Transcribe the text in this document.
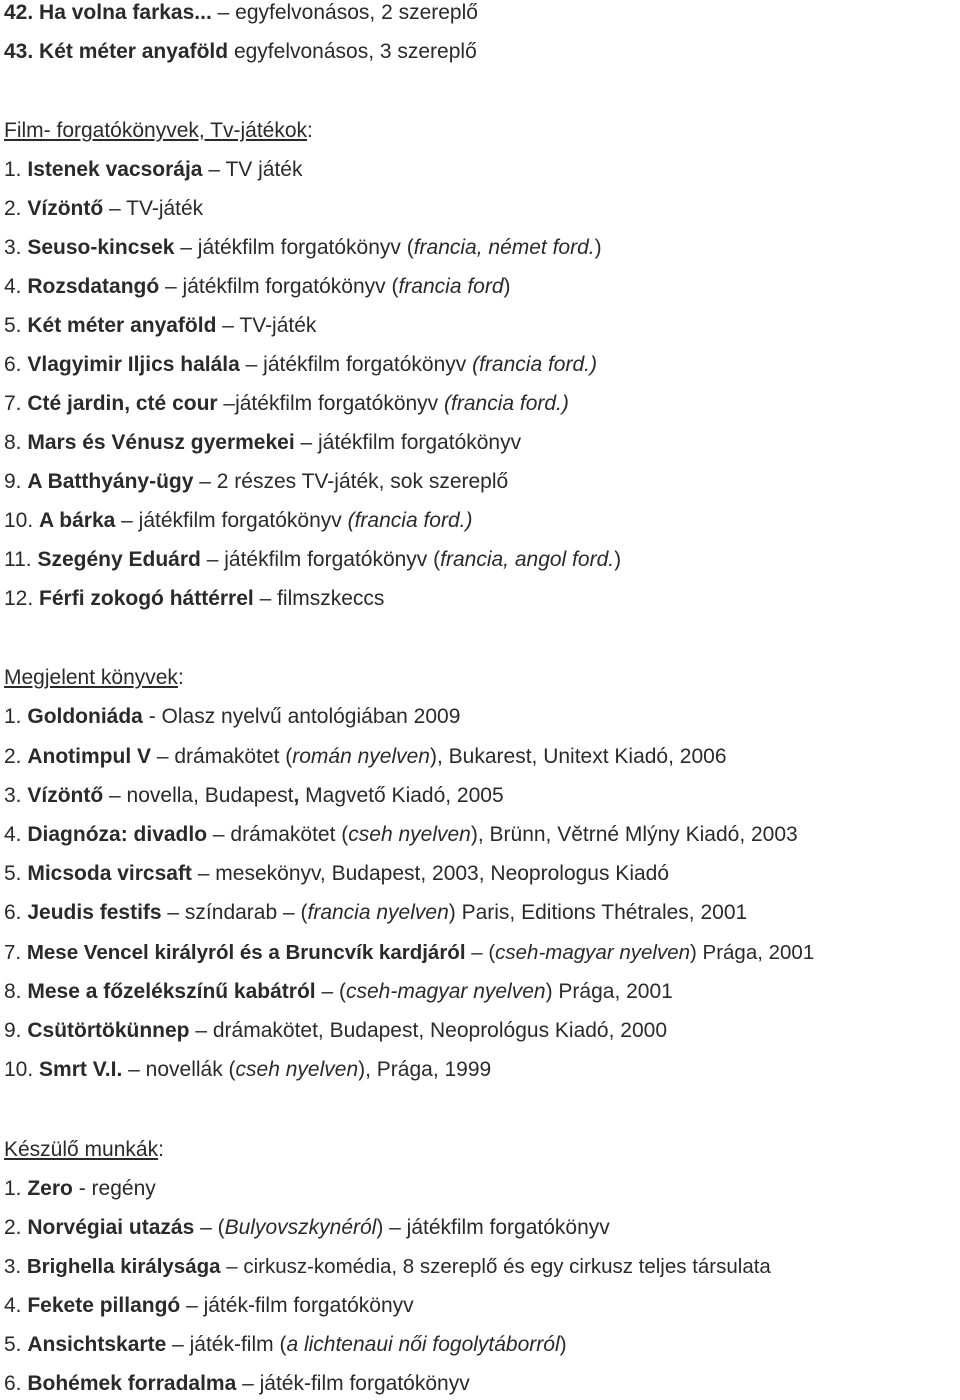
42. Ha volna farkas... – egyfelvonásos, 2 szereplő
43. Két méter anyaföld egyfelvonásos, 3 szereplő
Film- forgatókönyvek, Tv-játékok:
1. Istenek vacsorája – TV játék
2. Vízöntő – TV-játék
3. Seuso-kincsek – játékfilm forgatókönyv (francia, német ford.)
4. Rozsdatangó – játékfilm forgatókönyv (francia ford)
5. Két méter anyaföld – TV-játék
6. Vlagyimir Iljics halála – játékfilm forgatókönyv (francia ford.)
7. Cté jardin, cté cour –játékfilm forgatókönyv (francia ford.)
8. Mars és Vénusz gyermekei – játékfilm forgatókönyv
9. A Batthyány-ügy – 2 részes TV-játék, sok szereplő
10. A bárka – játékfilm forgatókönyv (francia ford.)
11. Szegény Eduárd – játékfilm forgatókönyv (francia, angol ford.)
12. Férfi zokogó háttérrel – filmszkeccs
Megjelent könyvek:
1. Goldoniáda - Olasz nyelvű antológiában 2009
2. Anotimpul V – drámakötet (román nyelven), Bukarest, Unitext Kiadó, 2006
3. Vízöntő – novella, Budapest, Magvető Kiadó, 2005
4. Diagnóza: divadlo – drámakötet (cseh nyelven), Brünn, Větrné Mlýny Kiadó, 2003
5. Micsoda vircsaft – mesekönyv, Budapest, 2003, Neoprologus Kiadó
6. Jeudis festifs – színdarab – (francia nyelven) Paris, Editions Thétrales, 2001
7. Mese Vencel királyról és a Bruncvík kardjáról – (cseh-magyar nyelven) Prága, 2001
8. Mese a főzelékszínű kabátról – (cseh-magyar nyelven) Prága, 2001
9. Csütörtökünnep – drámakötet, Budapest, Neoprológus Kiadó, 2000
10. Smrt V.I. – novellák (cseh nyelven), Prága, 1999
Készülő munkák:
1. Zero - regény
2. Norvégiai utazás – (Bulyovszkynéról) – játékfilm forgatókönyv
3. Brighella királysága – cirkusz-komédia, 8 szereplő és egy cirkusz teljes társulata
4. Fekete pillangó – játék-film forgatókönyv
5. Ansichtskarte – játék-film (a lichtenaui női fogolytáborról)
6. Bohémek forradalma – játék-film forgatókönyv
